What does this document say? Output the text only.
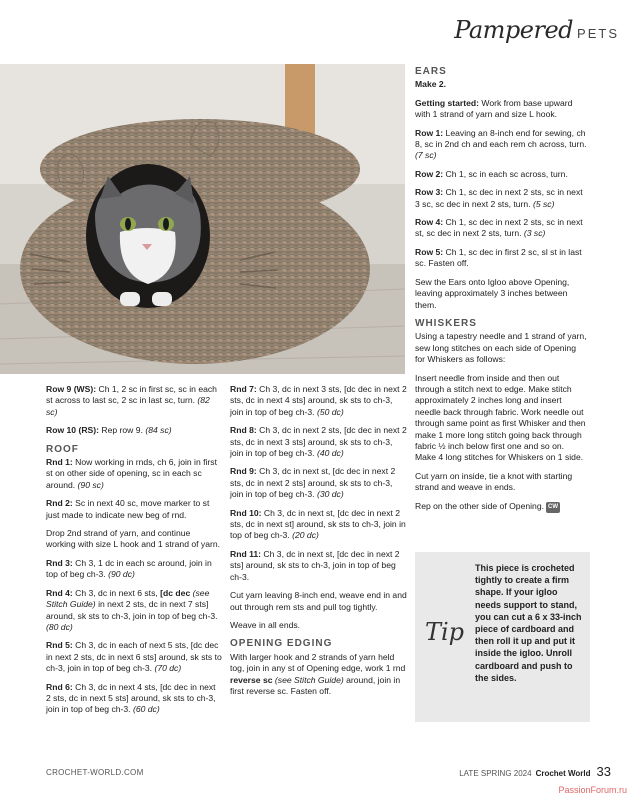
Pampered PETS

Row 9 (WS): Ch 1, 2 sc in first sc, sc in each st across to last sc, 2 sc in last sc, turn. (82 sc)

Row 10 (RS): Rep row 9. (84 sc)

ROOF

Rnd 1: Now working in rnds, ch 6, join in first st on other side of opening, sc in each sc around. (90 sc)

Rnd 2: Sc in next 40 sc, move marker to st just made to indicate new beg of rnd.

Drop 2nd strand of yarn, and continue working with size L hook and 1 strand of yarn.

Rnd 3: Ch 3, 1 dc in each sc around, join in top of beg ch-3. (90 dc)

Rnd 4: Ch 3, dc in next 6 sts, [dc dec (see Stitch Guide) in next 2 sts, dc in next 7 sts] around, sk sts to ch-3, join in top of beg ch-3. (80 dc)

Rnd 5: Ch 3, dc in each of next 5 sts, [dc dec in next 2 sts, dc in next 6 sts] around, sk sts to ch-3, join in top of beg ch-3. (70 dc)

Rnd 6: Ch 3, dc in next 4 sts, [dc dec in next 2 sts, dc in next 5 sts] around, sk sts to ch-3, join in top of beg ch-3. (60 dc)

Rnd 7: Ch 3, dc in next 3 sts, [dc dec in next 2 sts, dc in next 4 sts] around, sk sts to ch-3, join in top of beg ch-3. (50 dc)

Rnd 8: Ch 3, dc in next 2 sts, [dc dec in next 2 sts, dc in next 3 sts] around, sk sts to ch-3, join in top of beg ch-3. (40 dc)

Rnd 9: Ch 3, dc in next st, [dc dec in next 2 sts, dc in next 2 sts] around, sk sts to ch-3, join in top of beg ch-3. (30 dc)

Rnd 10: Ch 3, dc in next st, [dc dec in next 2 sts, dc in next st] around, sk sts to ch-3, join in top of beg ch-3. (20 dc)

Rnd 11: Ch 3, dc in next st, [dc dec in next 2 sts] around, sk sts to ch-3, join in top of beg ch-3.

Cut yarn leaving 8-inch end, weave end in and out through rem sts and pull tog tightly.

Weave in all ends.

OPENING EDGING

With larger hook and 2 strands of yarn held tog, join in any st of Opening edge, work 1 rnd reverse sc (see Stitch Guide) around, join in first reverse sc. Fasten off.

EARS

Make 2.

Getting started: Work from base upward with 1 strand of yarn and size L hook.

Row 1: Leaving an 8-inch end for sewing, ch 8, sc in 2nd ch and each rem ch across, turn. (7 sc)

Row 2: Ch 1, sc in each sc across, turn.

Row 3: Ch 1, sc dec in next 2 sts, sc in next 3 sc, sc dec in next 2 sts, turn. (5 sc)

Row 4: Ch 1, sc dec in next 2 sts, sc in next st, sc dec in next 2 sts, turn. (3 sc)

Row 5: Ch 1, sc dec in first 2 sc, sl st in last sc. Fasten off.

Sew the Ears onto Igloo above Opening, leaving approximately 3 inches between them.

WHISKERS

Using a tapestry needle and 1 strand of yarn, sew long stitches on each side of Opening for Whiskers as follows:

Insert needle from inside and then out through a stitch next to edge. Make stitch approximately 2 inches long and insert needle back through fabric. Work needle out through same point as first Whisker and then make 1 more long stitch going back through fabric ½ inch below first one and so on. Make 4 long stitches for Whiskers on 1 side.

Cut yarn on inside, tie a knot with starting strand and weave in ends.

Rep on the other side of Opening. CW

Tip
This piece is crocheted tightly to create a firm shape. If your igloo needs support to stand, you can cut a 6 x 33-inch piece of cardboard and then roll it up and put it inside the igloo. Unroll cardboard and push to the sides.
CROCHET-WORLD.COM	LATE SPRING 2024 Crochet World 33
PassionForum.ru
